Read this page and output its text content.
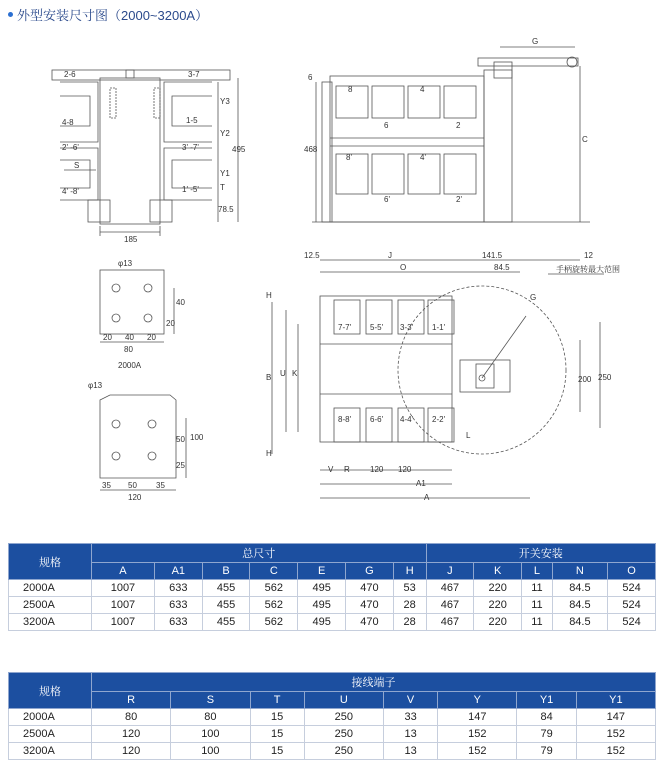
外型安装尺寸图（2000~3200A）
2-6	3-7
4-8	1-5
2' -6'	3' -7'
S
4' -8'	1' -5'
Y3
Y2
Y1
T
495
78.5
185
G
C
6
468
8	4
6	2
8'	4'
6'	2'
φ13
40
20
20 40 20
80
2000A
φ13
50
25
100
35 50 35
120
12.5	J	141.5	12
O	84.5	手柄旋转最大范围
G
H
B U K
H
V R	120 120
A1
A
200 250
L
7-7' 5-5' 3-3' 1-1'
8-8' 6-6' 4-4' 2-2'
规格	总尺寸							开关安装				
	A	A1	B	C	E	G	H	J	K	L	N	O
2000A	1007	633	455	562	495	470	53	467	220	11	84.5	524
2500A	1007	633	455	562	495	470	28	467	220	11	84.5	524
3200A	1007	633	455	562	495	470	28	467	220	11	84.5	524
规格	接线端子							
	R	S	T	U	V	Y	Y1	Y1
2000A	80	80	15	250	33	147	84	147
2500A	120	100	15	250	13	152	79	152
3200A	120	100	15	250	13	152	79	152
